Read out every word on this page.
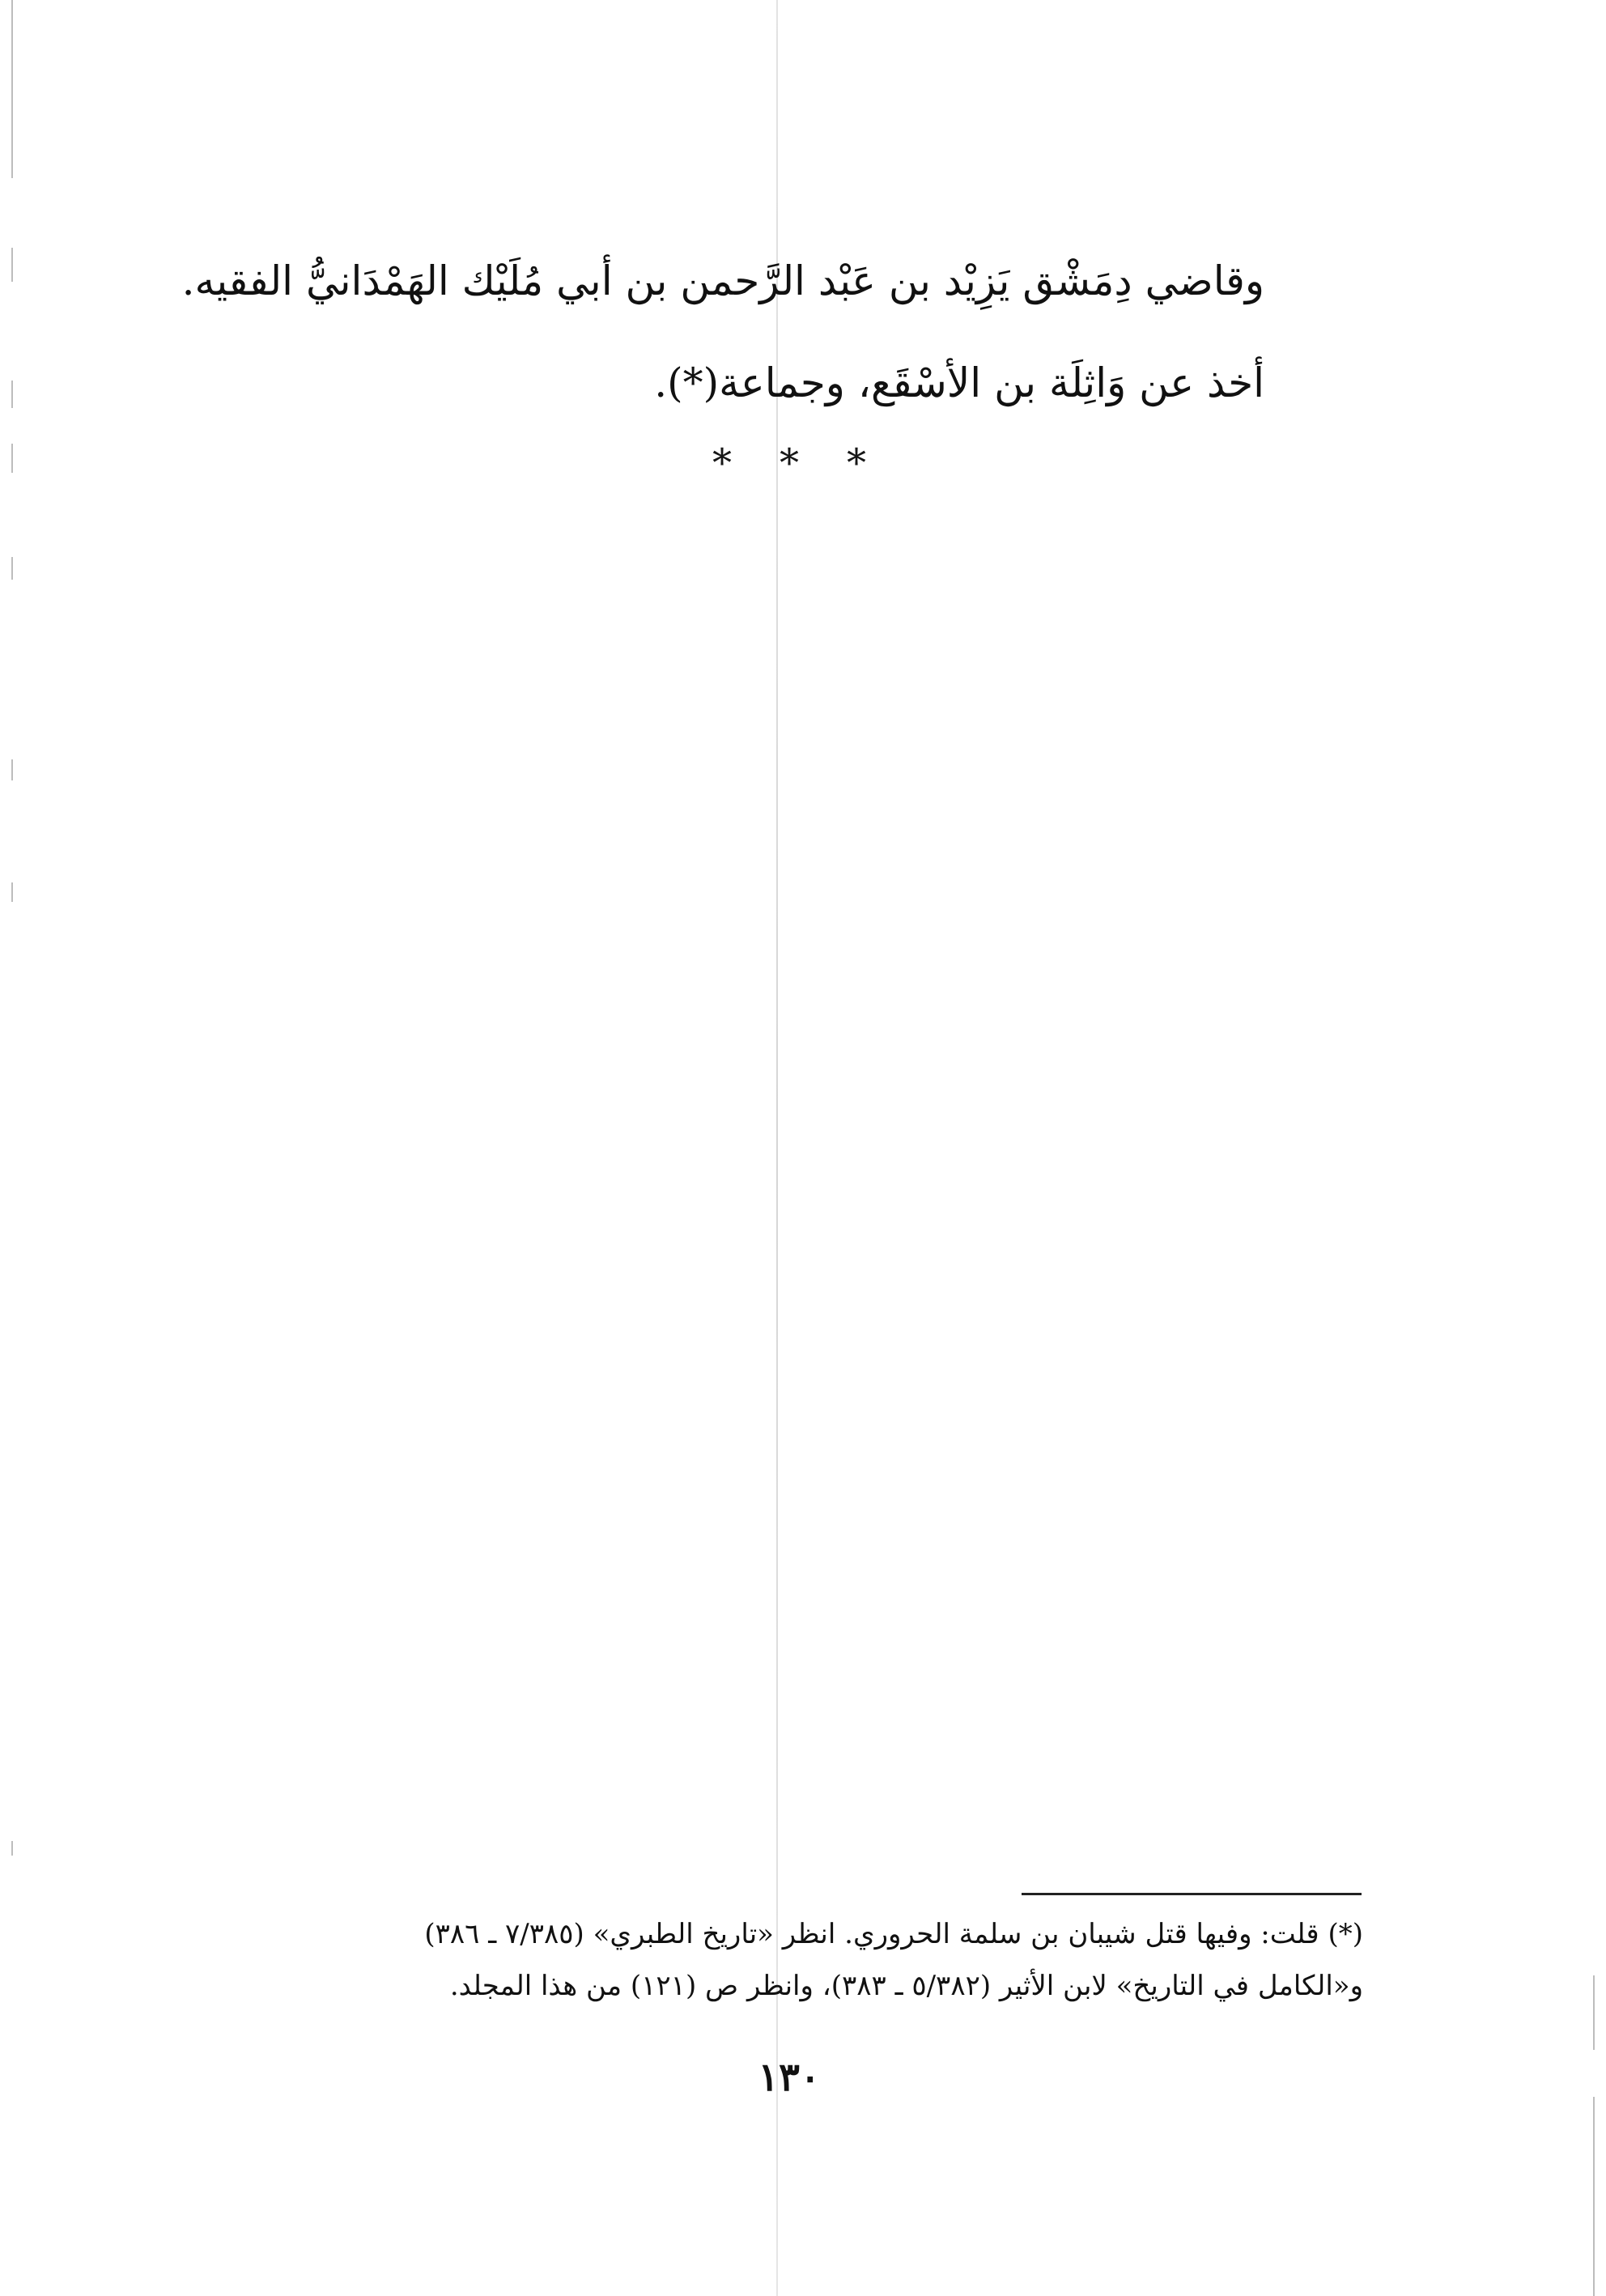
وقاضي دِمَشْق يَزِيْد بن عَبْد الرَّحمن بن أبي مُلَيْك الهَمْدَانيُّ الفقيه.
أخذ عن وَاثِلَة بن الأسْقَع، وجماعة(*).
* * *
(*) قلت: وفيها قتل شيبان بن سلمة الحروري. انظر «تاريخ الطبري» (٧/٣٨٥ ـ ٣٨٦)
و«الكامل في التاريخ» لابن الأثير (٥/٣٨٢ ـ ٣٨٣)، وانظر ص (١٢١) من هذا المجلد.
١٣٠
